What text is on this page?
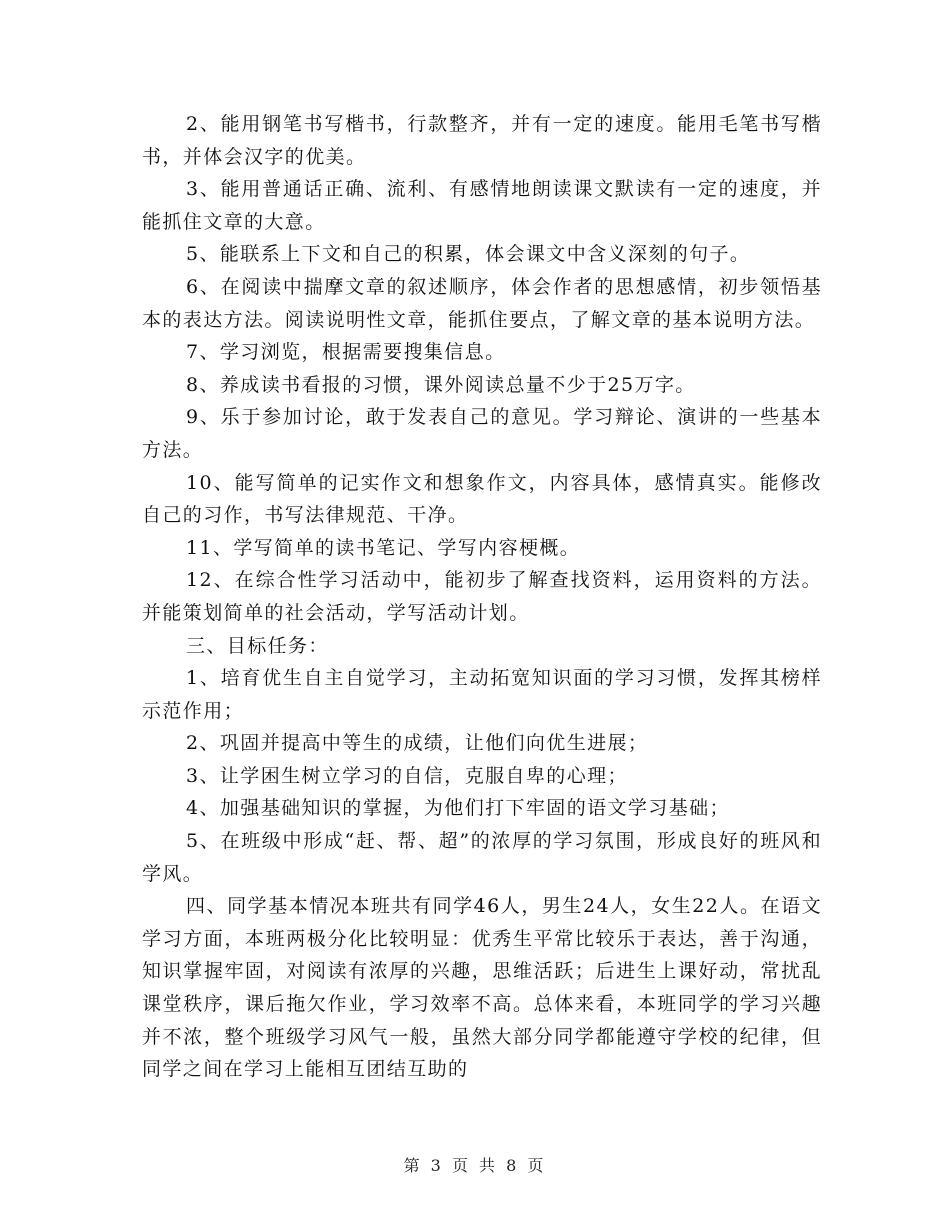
2、能用钢笔书写楷书，行款整齐，并有一定的速度。能用毛笔书写楷书，并体会汉字的优美。

3、能用普通话正确、流利、有感情地朗读课文默读有一定的速度，并能抓住文章的大意。

5、能联系上下文和自己的积累，体会课文中含义深刻的句子。

6、在阅读中揣摩文章的叙述顺序，体会作者的思想感情，初步领悟基本的表达方法。阅读说明性文章，能抓住要点，了解文章的基本说明方法。

7、学习浏览，根据需要搜集信息。

8、养成读书看报的习惯，课外阅读总量不少于25万字。

9、乐于参加讨论，敢于发表自己的意见。学习辩论、演讲的一些基本方法。

10、能写简单的记实作文和想象作文，内容具体，感情真实。能修改自己的习作，书写法律规范、干净。

11、学写简单的读书笔记、学写内容梗概。

12、在综合性学习活动中，能初步了解查找资料，运用资料的方法。并能策划简单的社会活动，学写活动计划。

三、目标任务：

1、培育优生自主自觉学习，主动拓宽知识面的学习习惯，发挥其榜样示范作用；

2、巩固并提高中等生的成绩，让他们向优生进展；

3、让学困生树立学习的自信，克服自卑的心理；

4、加强基础知识的掌握，为他们打下牢固的语文学习基础；

5、在班级中形成“赶、帮、超”的浓厚的学习氛围，形成良好的班风和学风。

四、同学基本情况本班共有同学46人，男生24人，女生22人。在语文学习方面，本班两极分化比较明显：优秀生平常比较乐于表达，善于沟通，知识掌握牢固，对阅读有浓厚的兴趣，思维活跃；后进生上课好动，常扰乱课堂秩序，课后拖欠作业，学习效率不高。总体来看，本班同学的学习兴趣并不浓，整个班级学习风气一般，虽然大部分同学都能遵守学校的纪律，但同学之间在学习上能相互团结互助的

第 3 页 共 8 页
